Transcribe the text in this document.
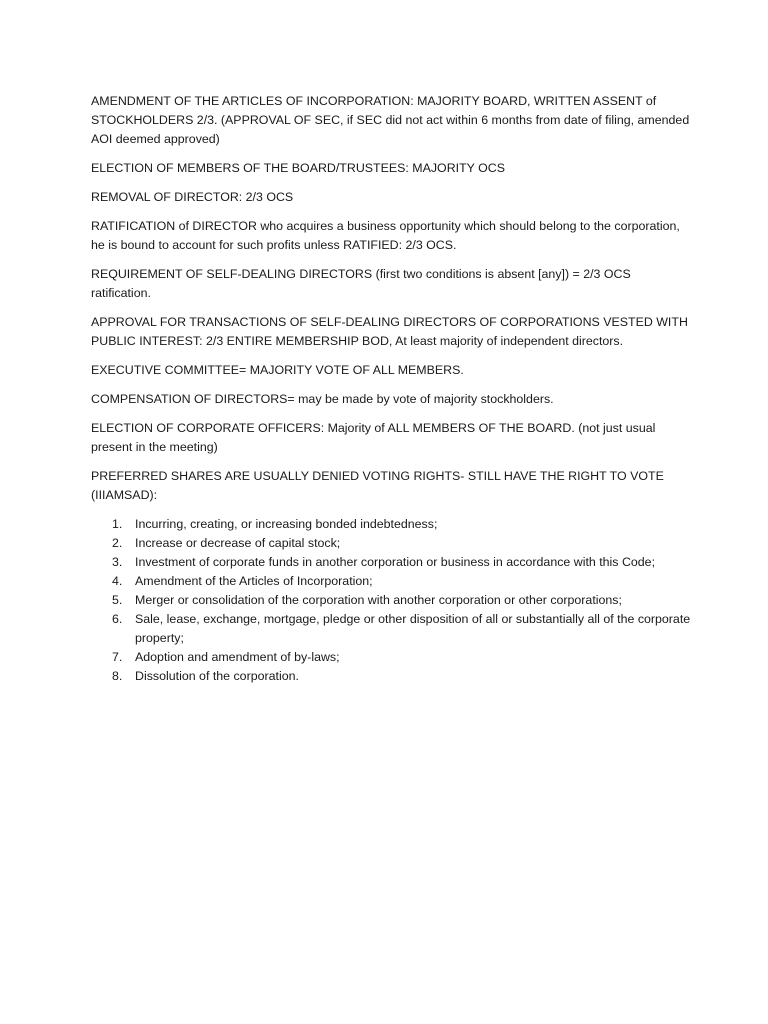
AMENDMENT OF THE ARTICLES OF INCORPORATION: MAJORITY BOARD, WRITTEN ASSENT of STOCKHOLDERS 2/3. (APPROVAL OF SEC, if SEC did not act within 6 months from date of filing, amended AOI deemed approved)

ELECTION OF MEMBERS OF THE BOARD/TRUSTEES: MAJORITY OCS

REMOVAL OF DIRECTOR: 2/3 OCS

RATIFICATION of DIRECTOR who acquires a business opportunity which should belong to the corporation, he is bound to account for such profits unless RATIFIED: 2/3 OCS.

REQUIREMENT OF SELF-DEALING DIRECTORS (first two conditions is absent [any]) = 2/3 OCS ratification.

APPROVAL FOR TRANSACTIONS OF SELF-DEALING DIRECTORS OF CORPORATIONS VESTED WITH PUBLIC INTEREST: 2/3 ENTIRE MEMBERSHIP BOD, At least majority of independent directors.

EXECUTIVE COMMITTEE= MAJORITY VOTE OF ALL MEMBERS.

COMPENSATION OF DIRECTORS= may be made by vote of majority stockholders.

ELECTION OF CORPORATE OFFICERS: Majority of ALL MEMBERS OF THE BOARD. (not just usual present in the meeting)

PREFERRED SHARES ARE USUALLY DENIED VOTING RIGHTS- STILL HAVE THE RIGHT TO VOTE (IIIAMSAD):

1. Incurring, creating, or increasing bonded indebtedness;
2. Increase or decrease of capital stock;
3. Investment of corporate funds in another corporation or business in accordance with this Code;
4. Amendment of the Articles of Incorporation;
5. Merger or consolidation of the corporation with another corporation or other corporations;
6. Sale, lease, exchange, mortgage, pledge or other disposition of all or substantially all of the corporate property;
7. Adoption and amendment of by-laws;
8. Dissolution of the corporation.
